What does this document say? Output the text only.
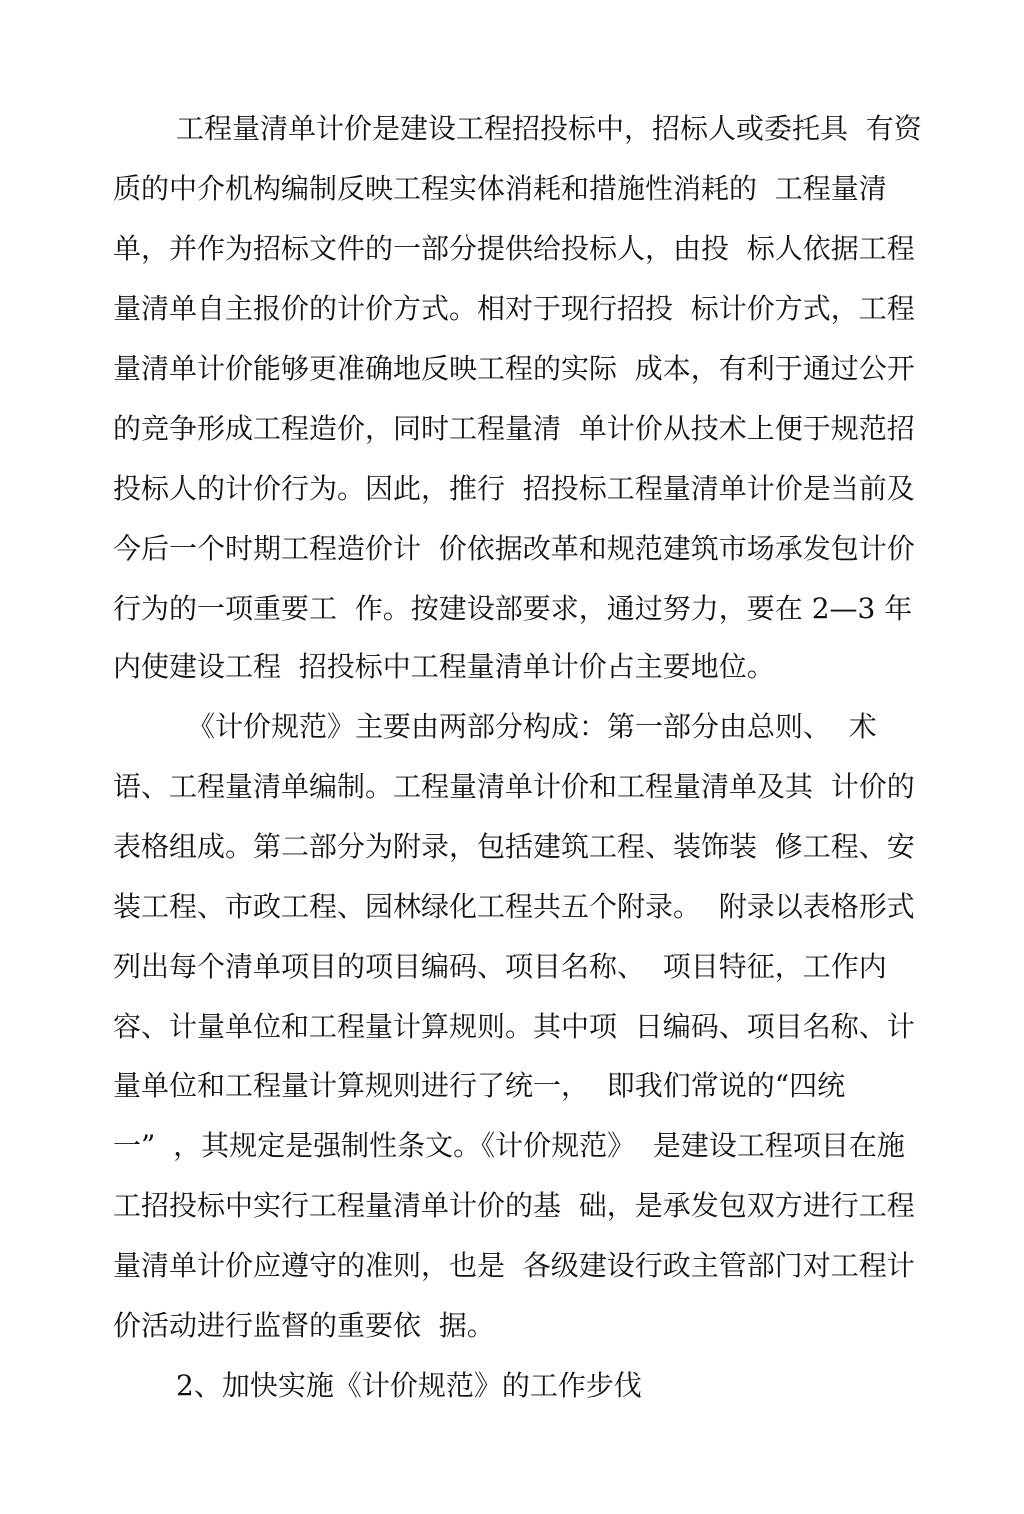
工程量清单计价是建设工程招投标中，招标人或委托具  有资
质的中介机构编制反映工程实体消耗和措施性消耗的  工程量清
单，并作为招标文件的一部分提供给投标人，由投  标人依据工程
量清单自主报价的计价方式。相对于现行招投  标计价方式，工程
量清单计价能够更准确地反映工程的实际  成本，有利于通过公开
的竞争形成工程造价，同时工程量清  单计价从技术上便于规范招
投标人的计价行为。因此，推行  招投标工程量清单计价是当前及
今后一个时期工程造价计  价依据改革和规范建筑市场承发包计价
行为的一项重要工  作。按建设部要求，通过努力，要在 2—3 年
内使建设工程  招投标中工程量清单计价占主要地位。
《计价规范》主要由两部分构成：第一部分由总则、  术
语、工程量清单编制。工程量清单计价和工程量清单及其  计价的
表格组成。第二部分为附录，包括建筑工程、装饰装  修工程、安
装工程、市政工程、园林绿化工程共五个附录。  附录以表格形式
列出每个清单项目的项目编码、项目名称、  项目特征，工作内
容、计量单位和工程量计算规则。其中项  日编码、项目名称、计
量单位和工程量计算规则进行了统一，  即我们常说的“四统
一”  ，其规定是强制性条文。《计价规范》  是建设工程项目在施
工招投标中实行工程量清单计价的基  础，是承发包双方进行工程
量清单计价应遵守的准则，也是  各级建设行政主管部门对工程计
价活动进行监督的重要依  据。
2、加快实施《计价规范》的工作步伐
